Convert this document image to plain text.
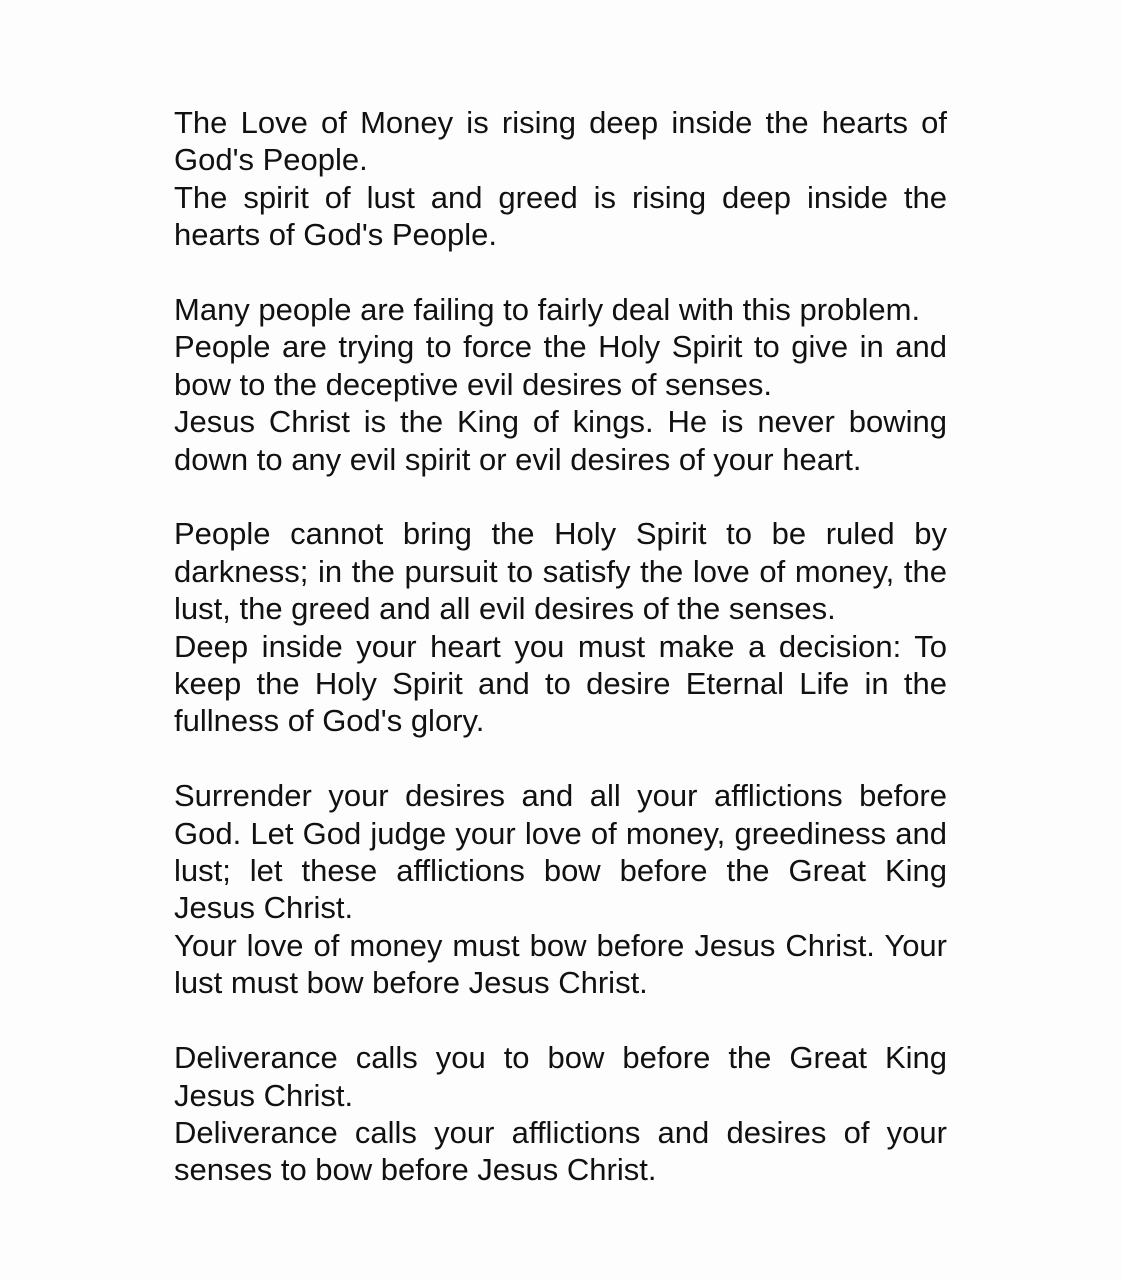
The Love of Money is rising deep inside the hearts of God's People.
The spirit of lust and greed is rising deep inside the hearts of God's People.
Many people are failing to fairly deal with this problem.
People are trying to force the Holy Spirit to give in and bow to the deceptive evil desires of senses.
Jesus Christ is the King of kings. He is never bowing down to any evil spirit or evil desires of your heart.
People cannot bring the Holy Spirit to be ruled by darkness; in the pursuit to satisfy the love of money, the lust, the greed and all evil desires of the senses.
Deep inside your heart you must make a decision: To keep the Holy Spirit and to desire Eternal Life in the fullness of God's glory.
Surrender your desires and all your afflictions before God. Let God judge your love of money, greediness and lust; let these afflictions bow before the Great King Jesus Christ.
Your love of money must bow before Jesus Christ. Your lust must bow before Jesus Christ.
Deliverance calls you to bow before the Great King Jesus Christ.
Deliverance calls your afflictions and desires of your senses to bow before Jesus Christ.
